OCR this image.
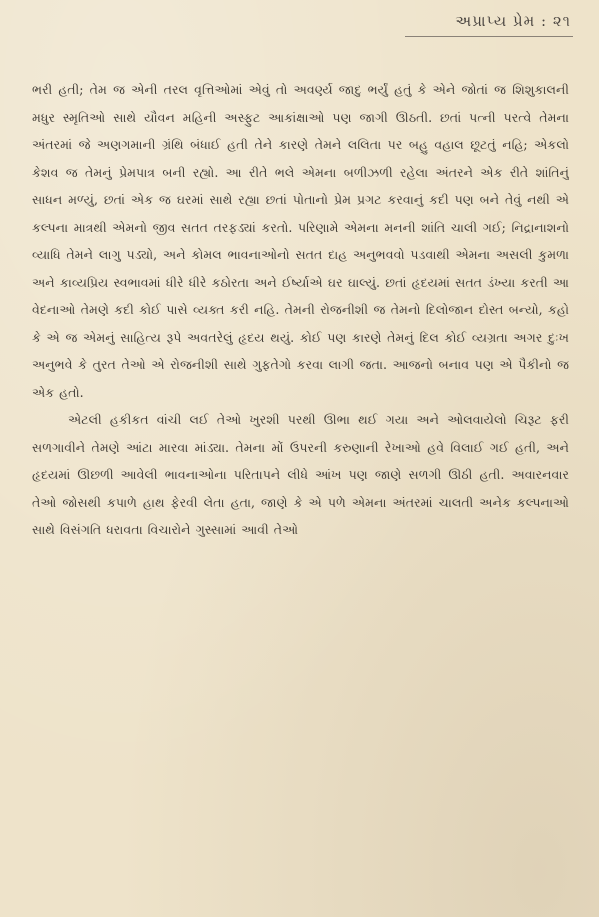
અપ્રાપ્ય પ્રેમ : ૨૧

ભરી હતી; તેમ જ એની તરલ વૃત્તિઓમાં એવું તો અવર્ણ્ય જાદુ ભર્યું હતું કે એને જોતાં જ શિશુકાલની મધુર સ્મૃતિઓ સાથે યૌવન મહિની અસ્ફુટ આકાંક્ષાઓ પણ જાગી ઊઠતી. છતાં પત્ની પરત્વે તેમના અંતરમાં જે અણગમાની ગ્રંથિ બંધાઈ હતી તેને કારણે તેમને લલિતા પર બહુ વહાલ છૂટતું નહિ; એકલો કેશવ જ તેમનું પ્રેમપાત્ર બની રહ્યો. આ રીતે ભલે એમના બળીઝળી રહેલા અંતરને એક રીતે શાંતિનું સાધન મળ્યું, છતાં એક જ ઘરમાં સાથે રહ્યા છતાં પોતાનો પ્રેમ પ્રગટ કરવાનું કદી પણ બને તેવું નથી એ કલ્પના માત્રથી એમનો જીવ સતત તરફડ્યાં કરતો. પરિણામે એમના મનની શાંતિ ચાલી ગઈ; નિદ્રાનાશનો વ્યાધિ તેમને લાગુ પડ્યો, અને કોમલ ભાવનાઓનો સતત દાહ અનુભવવો પડવાથી એમના અસલી કુમળા અને કાવ્યપ્રિય સ્વભાવમાં ધીરે ધીરે કઠોરતા અને ઈર્ષ્યાએ ઘર ઘાલ્યું. છતાં હૃદયમાં સતત ડંખ્યા કરતી આ વેદનાઓ તેમણે કદી કોઈ પાસે વ્યક્ત કરી નહિ. તેમની રોજનીશી જ તેમનો દિલોજાન દોસ્ત બન્યો, કહો કે એ જ એમનું સાહિત્ય રૂપે અવતરેલું હૃદય થયું. કોઈ પણ કારણે તેમનું દિલ કોઈ વ્યગ્રતા અગર દુઃખ અનુભવે કે તુરત તેઓ એ રોજનીશી સાથે ગુફતેગો કરવા લાગી જતા. આજનો બનાવ પણ એ પૈકીનો જ એક હતો.

એટલી હકીકત વાંચી લઈ તેઓ ખુરશી પરથી ઊભા થઈ ગયા અને ઓલવાયેલો ચિરૂટ ફરી સળગાવીને તેમણે આંટા મારવા માંડ્યા. તેમના મોં ઉપરની કરુણાની રેખાઓ હવે વિલાઈ ગઈ હતી, અને હૃદયમાં ઊછળી આવેલી ભાવનાઓના પરિતાપને લીધે આંખ પણ જાણે સળગી ઊઠી હતી. અવારનવાર તેઓ જોસથી કપાળે હાથ ફેરવી લેતા હતા, જાણે કે એ પળે એમના અંતરમાં ચાલતી અનેક કલ્પનાઓ સાથે વિસંગતિ ધરાવતા વિચારોને ગુસ્સામાં આવી તેઓ
